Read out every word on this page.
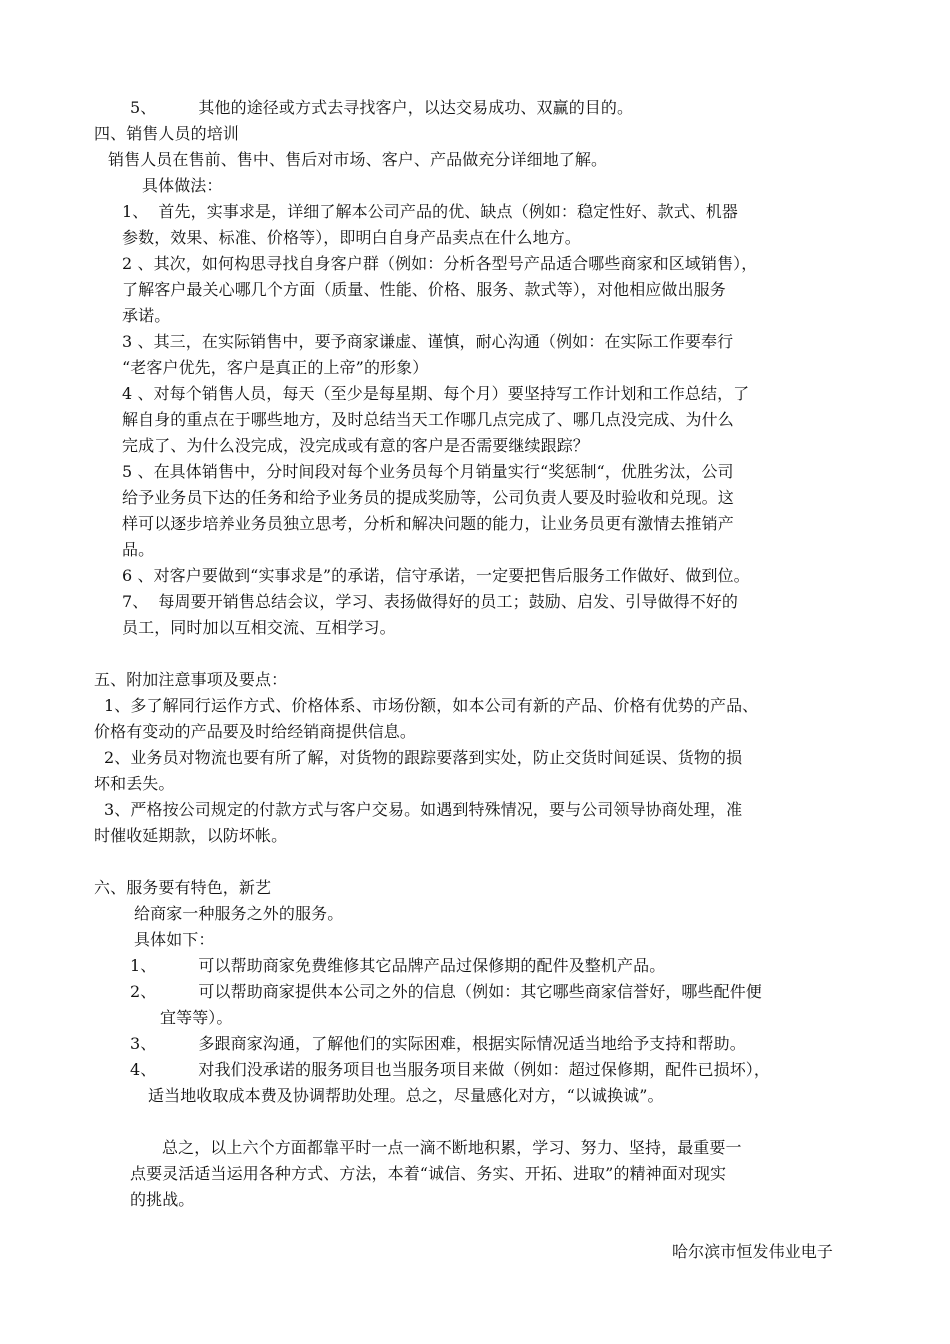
5、	其他的途径或方式去寻找客户，以达交易成功、双赢的目的。

四、销售人员的培训

销售人员在售前、售中、售后对市场、客户、产品做充分详细地了解。

具体做法：

1、 首先，实事求是，详细了解本公司产品的优、缺点（例如：稳定性好、款式、机器

参数，效果、标准、价格等），即明白自身产品卖点在什么地方。

2 、其次，如何构思寻找自身客户群（例如：分析各型号产品适合哪些商家和区域销售），

了解客户最关心哪几个方面（质量、性能、价格、服务、款式等），对他相应做出服务

承诺。

3 、其三，在实际销售中，要予商家谦虚、谨慎，耐心沟通（例如：在实际工作要奉行

“老客户优先，客户是真正的上帝”的形象）

4 、对每个销售人员，每天（至少是每星期、每个月）要坚持写工作计划和工作总结，了

解自身的重点在于哪些地方，及时总结当天工作哪几点完成了、哪几点没完成、为什么

完成了、为什么没完成，没完成或有意的客户是否需要继续跟踪？

5 、在具体销售中，分时间段对每个业务员每个月销量实行“奖惩制“，优胜劣汰，公司

给予业务员下达的任务和给予业务员的提成奖励等，公司负责人要及时验收和兑现。这

样可以逐步培养业务员独立思考，分析和解决问题的能力，让业务员更有激情去推销产

品。

6 、对客户要做到“实事求是”的承诺，信守承诺，一定要把售后服务工作做好、做到位。

7、 每周要开销售总结会议，学习、表扬做得好的员工；鼓励、启发、引导做得不好的

员工，同时加以互相交流、互相学习。

五、附加注意事项及要点：

1、多了解同行运作方式、价格体系、市场份额，如本公司有新的产品、价格有优势的产品、

价格有变动的产品要及时给经销商提供信息。

2、业务员对物流也要有所了解，对货物的跟踪要落到实处，防止交货时间延误、货物的损

坏和丢失。

3、严格按公司规定的付款方式与客户交易。如遇到特殊情况，要与公司领导协商处理，准

时催收延期款，以防坏帐。

六、服务要有特色，新艺

给商家一种服务之外的服务。

具体如下：

1、	可以帮助商家免费维修其它品牌产品过保修期的配件及整机产品。

2、	可以帮助商家提供本公司之外的信息（例如：其它哪些商家信誉好，哪些配件便

宜等等）。

3、	多跟商家沟通，了解他们的实际困难，根据实际情况适当地给予支持和帮助。

4、	对我们没承诺的服务项目也当服务项目来做（例如：超过保修期，配件已损坏），

适当地收取成本费及协调帮助处理。总之，尽量感化对方，“以诚换诚”。

总之，以上六个方面都靠平时一点一滴不断地积累，学习、努力、坚持，最重要一

点要灵活适当运用各种方式、方法，本着“诚信、务实、开拓、进取”的精神面对现实

的挑战。

哈尔滨市恒发伟业电子
